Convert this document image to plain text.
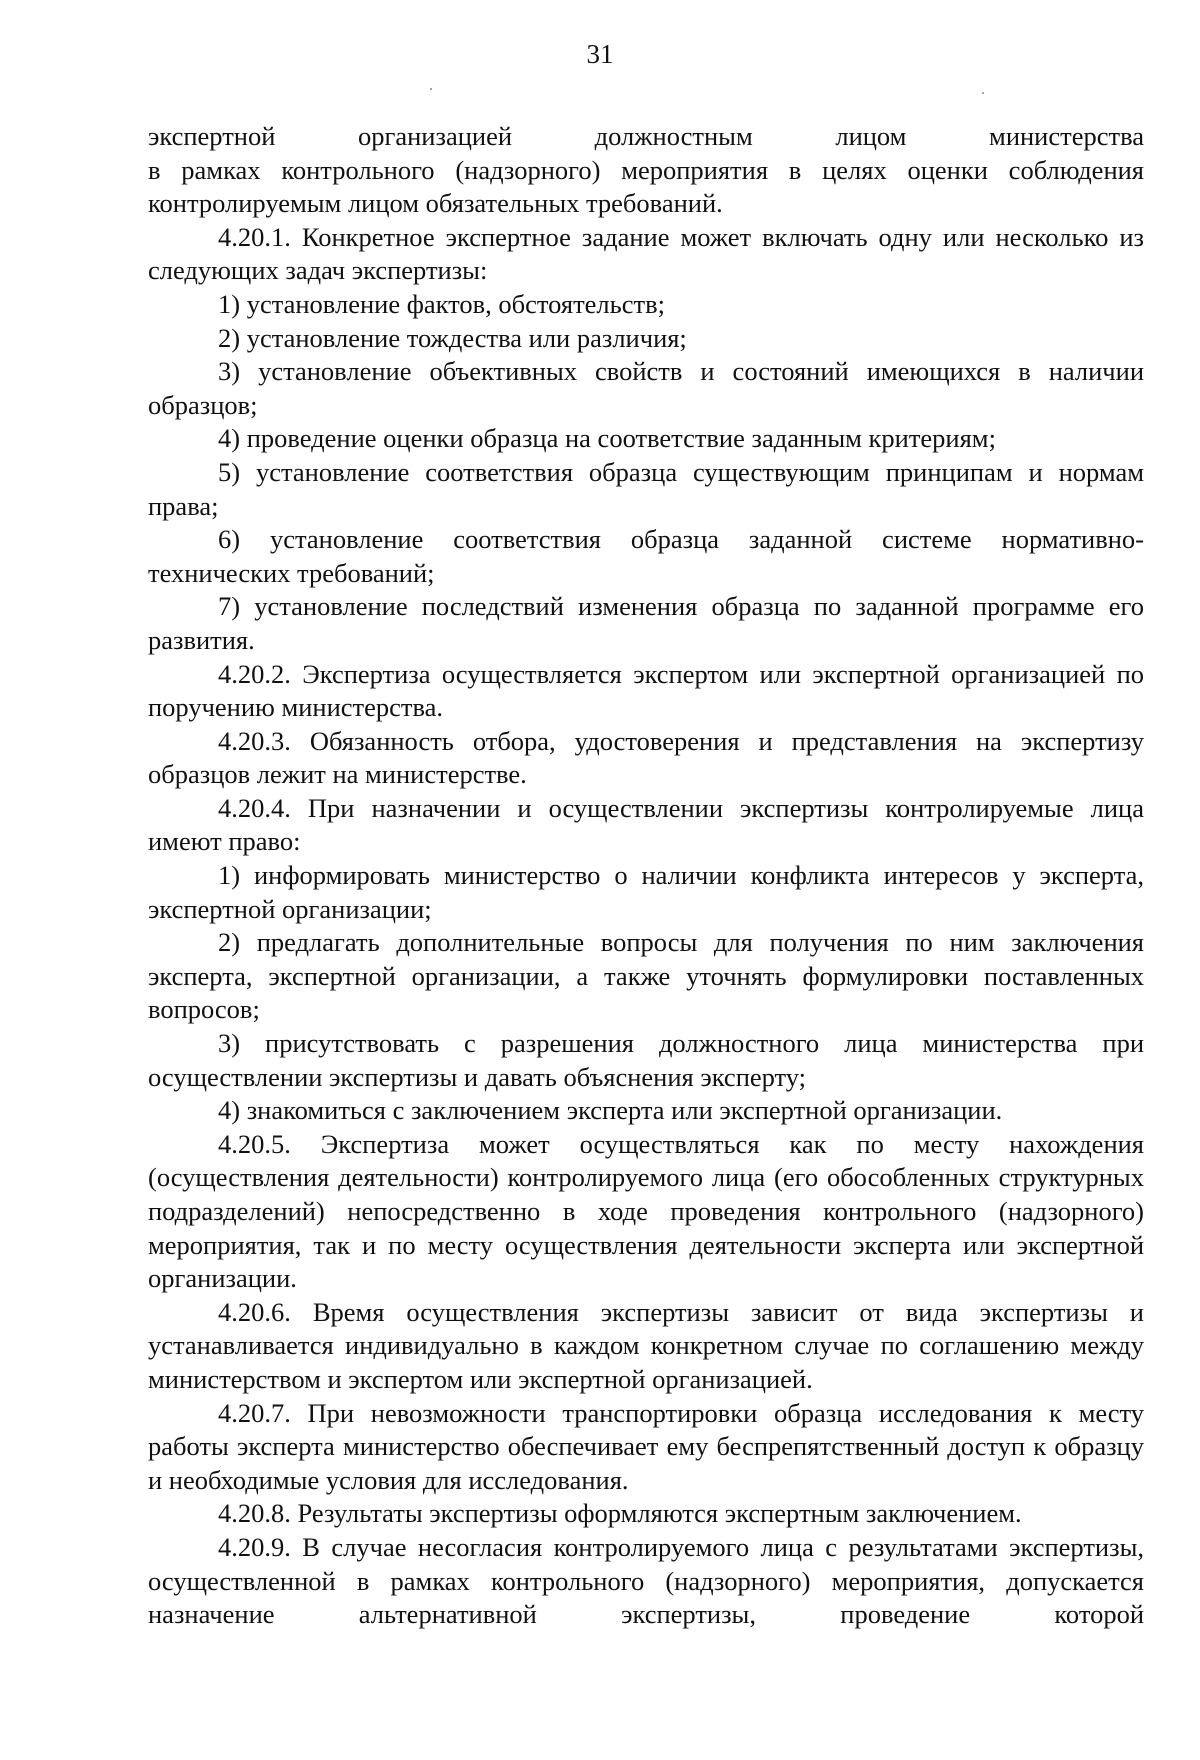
31

экспертной организацией должностным лицом министерства

в рамках контрольного (надзорного) мероприятия в целях оценки соблюдения контролируемым лицом обязательных требований.

4.20.1. Конкретное экспертное задание может включать одну или несколько из следующих задач экспертизы:

1) установление фактов, обстоятельств;

2) установление тождества или различия;

3) установление объективных свойств и состояний имеющихся в наличии образцов;

4) проведение оценки образца на соответствие заданным критериям;

5) установление соответствия образца существующим принципам и нормам права;

6) установление соответствия образца заданной системе нормативно-технических требований;

7) установление последствий изменения образца по заданной программе его развития.

4.20.2. Экспертиза осуществляется экспертом или экспертной организацией по поручению министерства.

4.20.3. Обязанность отбора, удостоверения и представления на экспертизу образцов лежит на министерстве.

4.20.4. При назначении и осуществлении экспертизы контролируемые лица имеют право:

1) информировать министерство о наличии конфликта интересов у эксперта, экспертной организации;

2) предлагать дополнительные вопросы для получения по ним заключения эксперта, экспертной организации, а также уточнять формулировки поставленных вопросов;

3) присутствовать с разрешения должностного лица министерства при осуществлении экспертизы и давать объяснения эксперту;

4) знакомиться с заключением эксперта или экспертной организации.

4.20.5. Экспертиза может осуществляться как по месту нахождения (осуществления деятельности) контролируемого лица (его обособленных структурных подразделений) непосредственно в ходе проведения контрольного (надзорного) мероприятия, так и по месту осуществления деятельности эксперта или экспертной организации.

4.20.6. Время осуществления экспертизы зависит от вида экспертизы и устанавливается индивидуально в каждом конкретном случае по соглашению между министерством и экспертом или экспертной организацией.

4.20.7. При невозможности транспортировки образца исследования к месту работы эксперта министерство обеспечивает ему беспрепятственный доступ к образцу и необходимые условия для исследования.

4.20.8. Результаты экспертизы оформляются экспертным заключением.

4.20.9. В случае несогласия контролируемого лица с результатами экспертизы, осуществленной в рамках контрольного (надзорного) мероприятия, допускается назначение альтернативной экспертизы, проведение которой
